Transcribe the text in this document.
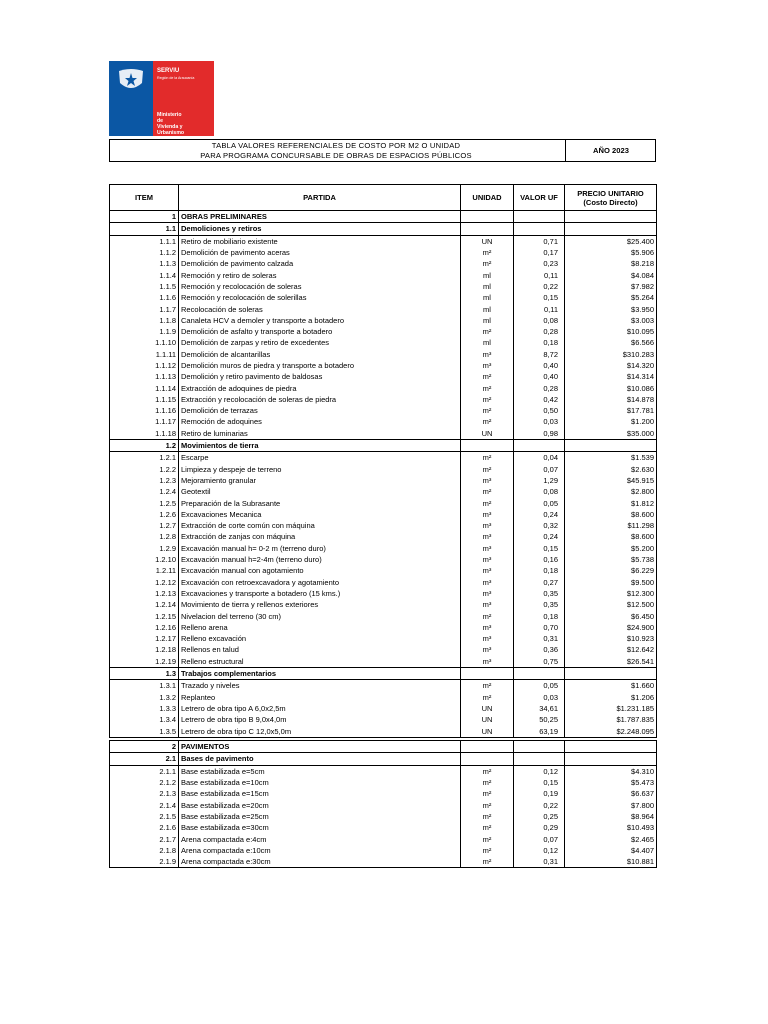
SERVIU
Región de la Araucanía
Ministerio
de
Vivienda y
Urbanismo
TABLA VALORES REFERENCIALES DE COSTO POR M2 O UNIDAD
PARA PROGRAMA CONCURSABLE DE OBRAS DE ESPACIOS PÚBLICOS
AÑO 2023
ITEM	PARTIDA	UNIDAD	VALOR UF	PRECIO UNITARIO
(Costo Directo)

1	OBRAS PRELIMINARES			
1.1	Demoliciones y retiros			
1.1.1	Retiro de mobiliario existente	UN	0,71	$25.400
1.1.2	Demolición de pavimento aceras	m²	0,17	$5.906
1.1.3	Demolición de pavimento calzada	m²	0,23	$8.218
1.1.4	Remoción y retiro de soleras	ml	0,11	$4.084
1.1.5	Remoción y recolocación de soleras	ml	0,22	$7.982
1.1.6	Remoción y recolocación de solerillas	ml	0,15	$5.264
1.1.7	Recolocación de soleras	ml	0,11	$3.950
1.1.8	Canaleta HCV a demoler y transporte a botadero	ml	0,08	$3.003
1.1.9	Demolición de asfalto y transporte a botadero	m²	0,28	$10.095
1.1.10	Demolición de zarpas y retiro de excedentes	ml	0,18	$6.566
1.1.11	Demolición de alcantarillas	m³	8,72	$310.283
1.1.12	Demolición muros de piedra y transporte a botadero	m³	0,40	$14.320
1.1.13	Demolición y retiro pavimento de baldosas	m²	0,40	$14.314
1.1.14	Extracción de adoquines de piedra	m²	0,28	$10.086
1.1.15	Extracción y recolocación de soleras de piedra	m²	0,42	$14.878
1.1.16	Demolición de terrazas	m²	0,50	$17.781
1.1.17	Remoción de adoquines	m²	0,03	$1.200
1.1.18	Retiro de luminarias	UN	0,98	$35.000
1.2	Movimientos de tierra			
1.2.1	Escarpe	m²	0,04	$1.539
1.2.2	Limpieza y despeje de terreno	m²	0,07	$2.630
1.2.3	Mejoramiento granular	m³	1,29	$45.915
1.2.4	Geotextil	m²	0,08	$2.800
1.2.5	Preparación de la Subrasante	m²	0,05	$1.812
1.2.6	Excavaciones Mecanica	m³	0,24	$8.600
1.2.7	Extracción de corte común con máquina	m³	0,32	$11.298
1.2.8	Extracción de zanjas con máquina	m³	0,24	$8.600
1.2.9	Excavación manual h= 0-2 m (terreno duro)	m³	0,15	$5.200
1.2.10	Excavación manual h=2-4m (terreno duro)	m³	0,16	$5.738
1.2.11	Excavación manual con agotamiento	m³	0,18	$6.229
1.2.12	Excavación con retroexcavadora y agotamiento	m³	0,27	$9.500
1.2.13	Excavaciones y transporte a botadero (15 kms.)	m³	0,35	$12.300
1.2.14	Movimiento de tierra y rellenos exteriores	m³	0,35	$12.500
1.2.15	Nivelacion del terreno (30 cm)	m²	0,18	$6.450
1.2.16	Relleno arena	m³	0,70	$24.900
1.2.17	Relleno excavación	m³	0,31	$10.923
1.2.18	Rellenos en talud	m³	0,36	$12.642
1.2.19	Relleno estructural	m³	0,75	$26.541
1.3	Trabajos complementarios			
1.3.1	Trazado y niveles	m²	0,05	$1.660
1.3.2	Replanteo	m²	0,03	$1.206
1.3.3	Letrero de obra tipo A 6,0x2,5m	UN	34,61	$1.231.185
1.3.4	Letrero de obra tipo B 9,0x4,0m	UN	50,25	$1.787.835
1.3.5	Letrero de obra tipo C 12,0x5,0m	UN	63,19	$2.248.095
2	PAVIMENTOS			
2.1	Bases de pavimento			
2.1.1	Base estabilizada e=5cm	m²	0,12	$4.310
2.1.2	Base estabilizada e=10cm	m²	0,15	$5.473
2.1.3	Base estabilizada e=15cm	m²	0,19	$6.637
2.1.4	Base estabilizada e=20cm	m²	0,22	$7.800
2.1.5	Base estabilizada e=25cm	m²	0,25	$8.964
2.1.6	Base estabilizada e=30cm	m²	0,29	$10.493
2.1.7	Arena compactada e:4cm	m²	0,07	$2.465
2.1.8	Arena compactada e:10cm	m²	0,12	$4.407
2.1.9	Arena compactada e:30cm	m²	0,31	$10.881
